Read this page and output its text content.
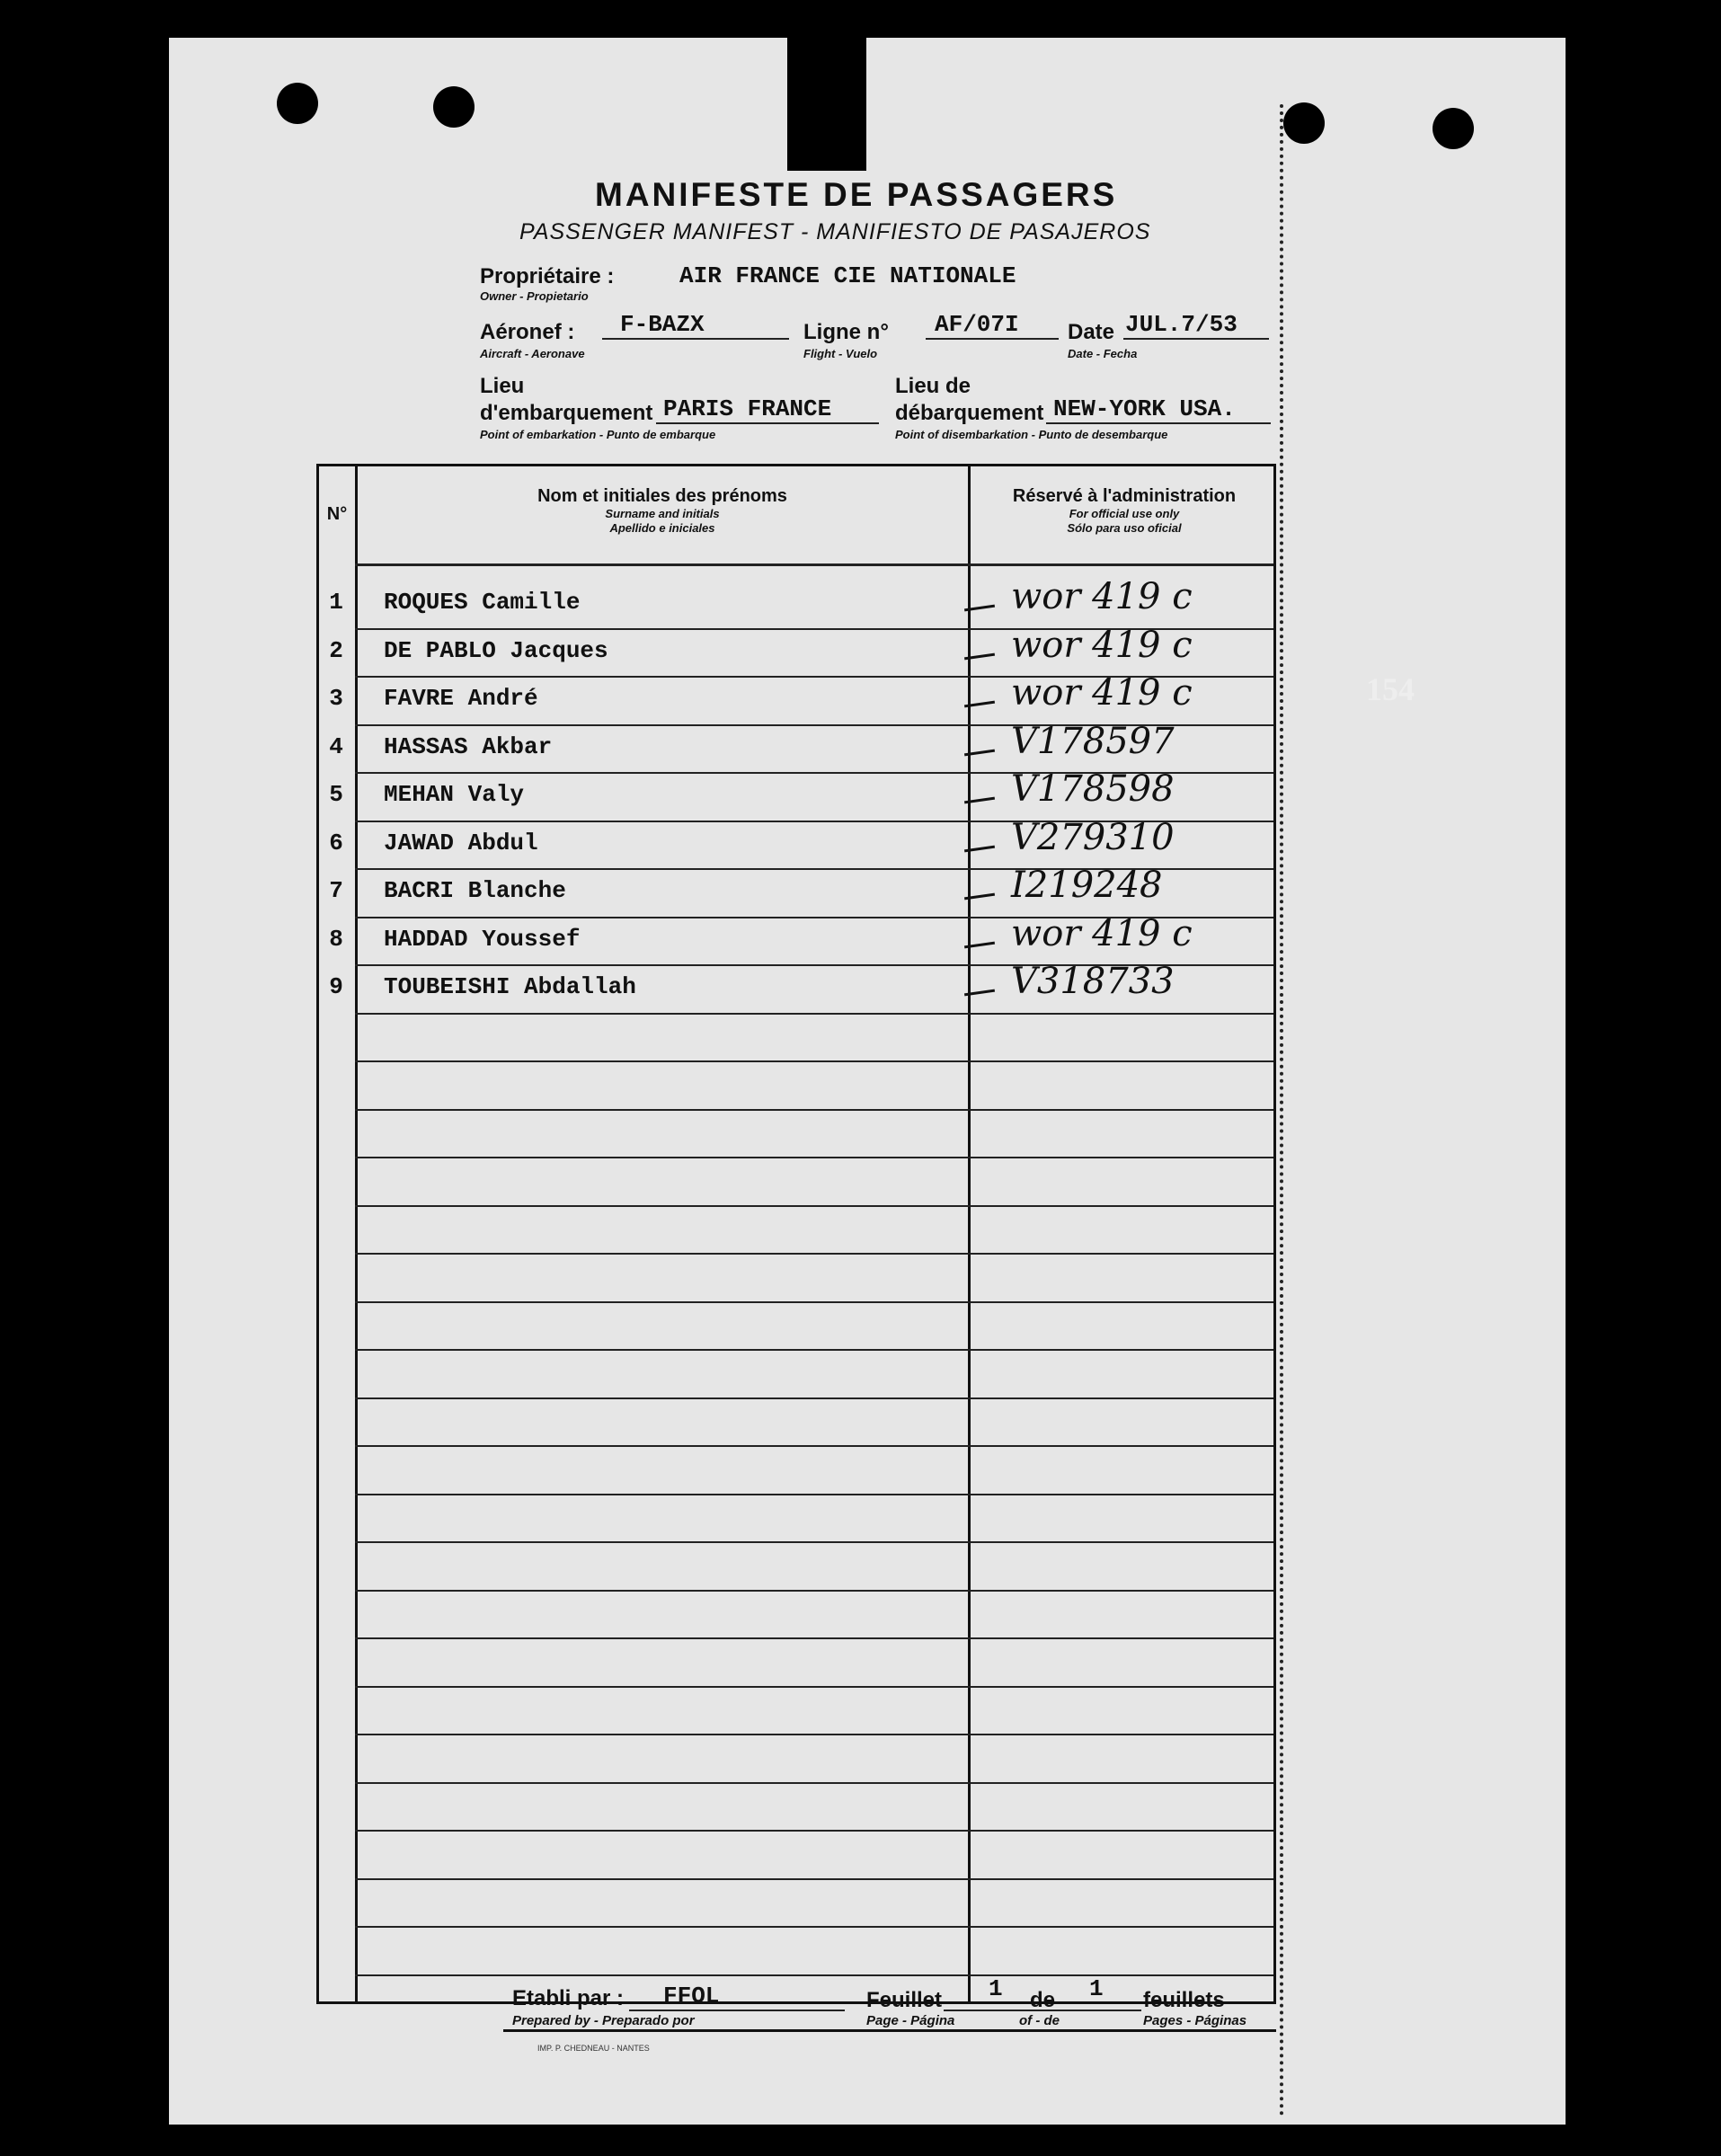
MANIFESTE DE PASSAGERS
PASSENGER MANIFEST - MANIFIESTO DE PASAJEROS
Propriétaire :
Owner - Propietario
AIR FRANCE CIE NATIONALE
Aéronef :
Aircraft - Aeronave
F-BAZX	Ligne n°
Flight - Vuelo
AF/07I Date
Date - Fecha
JUL.7/53
Lieu
d'embarquement
Point of embarkation - Punto de embarque
PARIS FRANCE
Lieu de
débarquement
Point of disembarkation - Punto de desembarque
NEW-YORK USA.
N°
Nom et initiales des prénoms
Surname and initials
Apellido e iniciales
Réservé à l'administration
For official use only
Sólo para uso oficial
1	ROQUES Camille	wor 419 c
2	DE PABLO Jacques	wor 419 c
3	FAVRE André	wor 419 c
4	HASSAS Akbar	V178597
5	MEHAN Valy	V178598
6	JAWAD Abdul	V279310
7	BACRI Blanche	I219248
8	HADDAD Youssef	wor 419 c
9	TOUBEISHI Abdallah	V318733
154
Etabli par :
Prepared by - Preparado por
FFOL	Feuillet
Page - Página
1 de
of - de
1 feuillets
Pages - Páginas
IMP. P. CHEDNEAU - NANTES
